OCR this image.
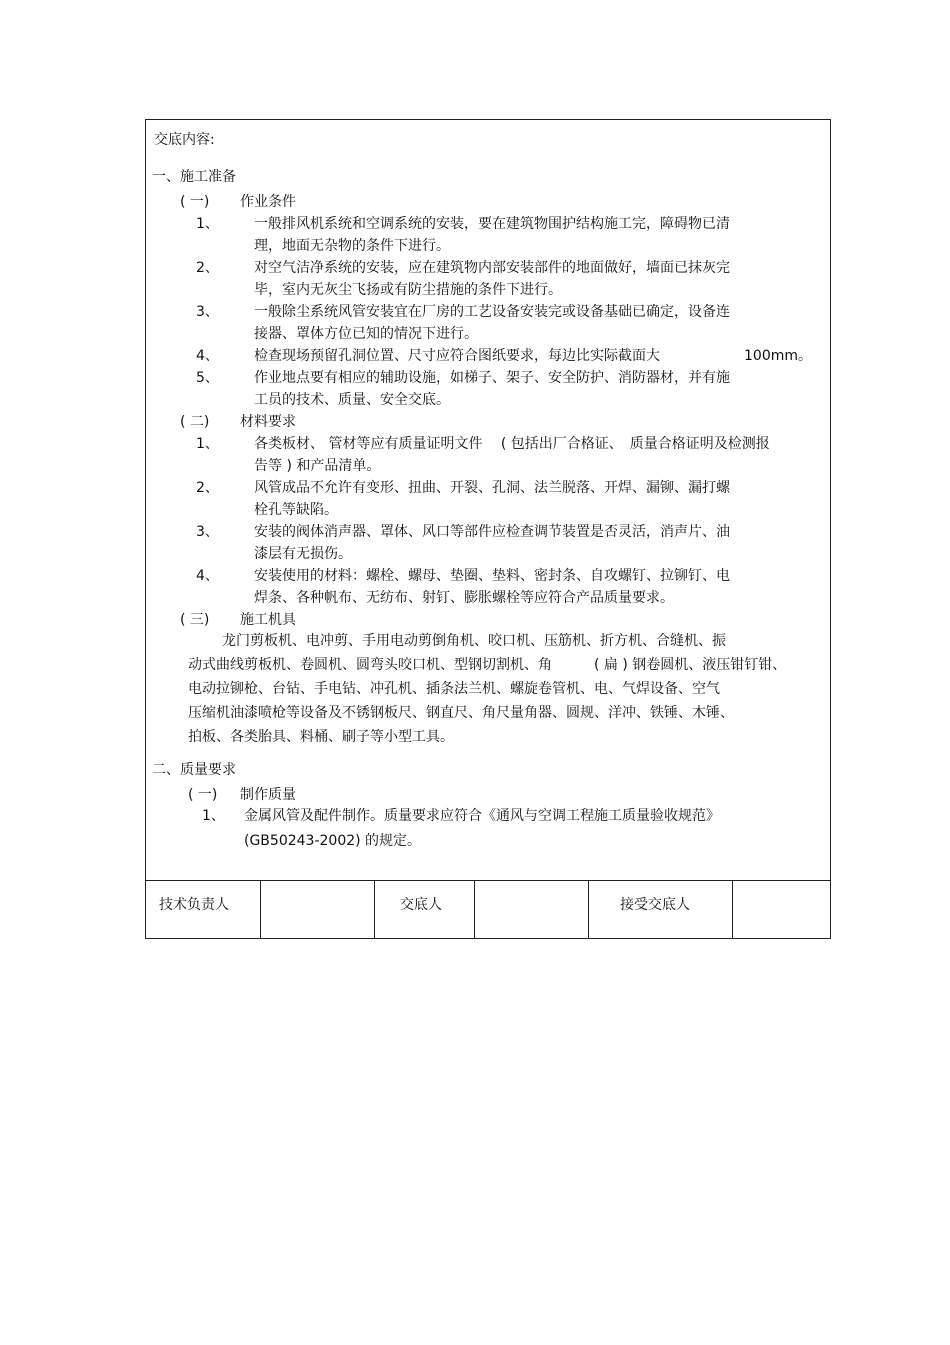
交底内容:
一、施工准备
( 一) 作业条件
1、	一般排风机系统和空调系统的安装，要在建筑物围护结构施工完，障碍物已清
理，地面无杂物的条件下进行。
2、	对空气洁净系统的安装，应在建筑物内部安装部件的地面做好，墙面已抹灰完
毕，室内无灰尘飞扬或有防尘措施的条件下进行。
3、	一般除尘系统风管安装宜在厂房的工艺设备安装完或设备基础已确定，设备连
接器、罩体方位已知的情况下进行。
4、	检查现场预留孔洞位置、尺寸应符合图纸要求，每边比实际截面大	100mm。
5、	作业地点要有相应的辅助设施，如梯子、架子、安全防护、消防器材，并有施
工员的技术、质量、安全交底。
( 二) 材料要求
1、	各类板材、 管材等应有质量证明文件　 ( 包括出厂合格证、　质量合格证明及检测报
告等 ) 和产品清单。
2、	风管成品不允许有变形、扭曲、开裂、孔洞、法兰脱落、开焊、漏铆、漏打螺
栓孔等缺陷。
3、	安装的阀体消声器、罩体、风口等部件应检查调节装置是否灵活，消声片、油
漆层有无损伤。
4、	安装使用的材料：螺栓、螺母、垫圈、垫料、密封条、自攻螺钉、拉铆钉、电
焊条、各种帆布、无纺布、射钉、膨胀螺栓等应符合产品质量要求。
( 三) 施工机具
龙门剪板机、电冲剪、手用电动剪倒角机、咬口机、压筋机、折方机、合缝机、振
动式曲线剪板机、卷圆机、圆弯头咬口机、型钢切割机、角　　　( 扁 ) 钢卷圆机、液压钳钉钳、
电动拉铆枪、台钻、手电钻、冲孔机、插条法兰机、螺旋卷管机、电、气焊设备、空气
压缩机油漆喷枪等设备及不锈钢板尺、钢直尺、角尺量角器、圆规、洋冲、铁锤、木锤、
拍板、各类胎具、料桶、刷子等小型工具。
二、质量要求
( 一) 制作质量
1、 金属风管及配件制作。质量要求应符合《通风与空调工程施工质量验收规范》
(GB50243-2002) 的规定。
技术负责人	交底人	接受交底人
